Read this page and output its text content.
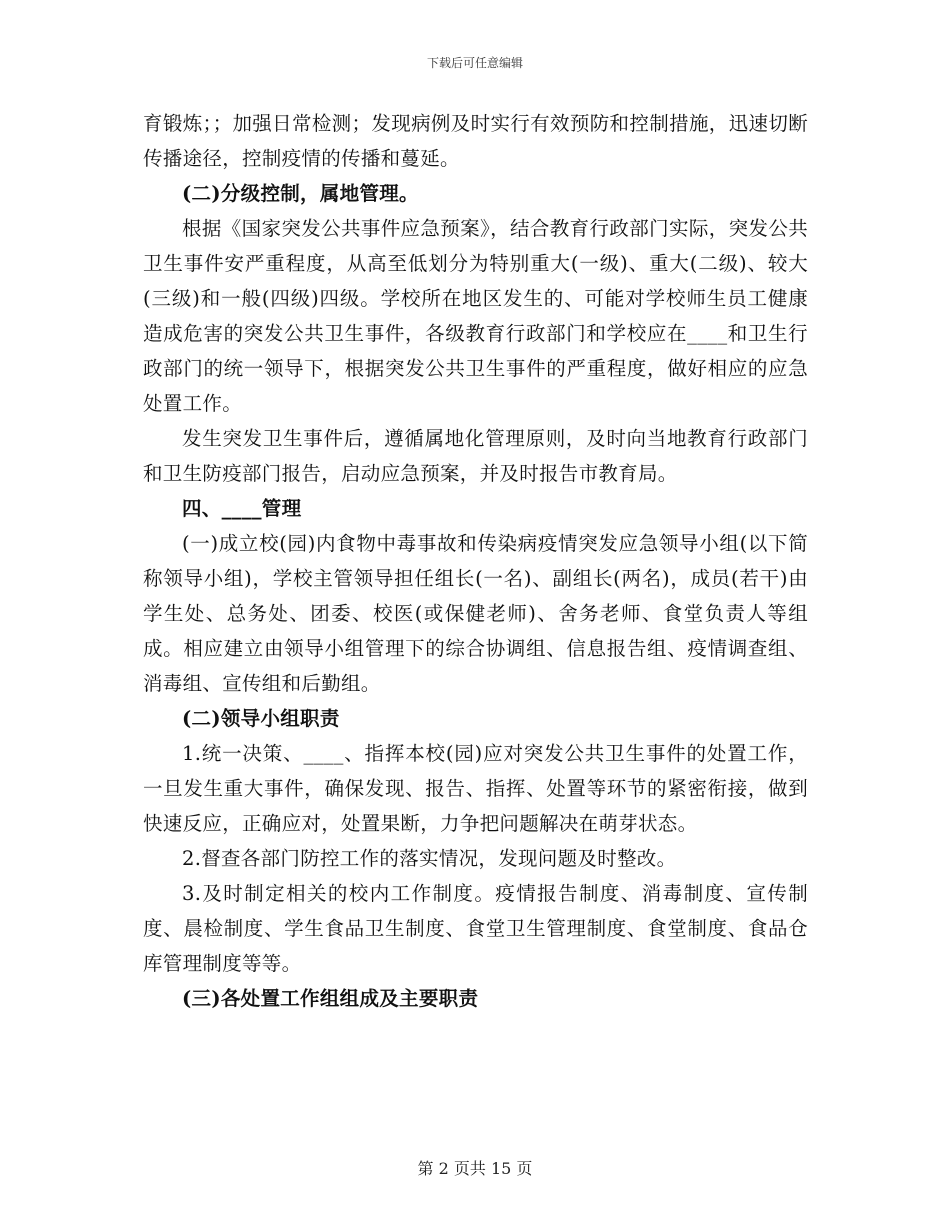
下载后可任意编辑

育锻炼；；加强日常检测；发现病例及时实行有效预防和控制措施，迅速切断传播途径，控制疫情的传播和蔓延。

(二)分级控制，属地管理。

根据《国家突发公共事件应急预案》，结合教育行政部门实际，突发公共卫生事件安严重程度，从高至低划分为特别重大(一级)、重大(二级)、较大(三级)和一般(四级)四级。学校所在地区发生的、可能对学校师生员工健康造成危害的突发公共卫生事件，各级教育行政部门和学校应在____和卫生行政部门的统一领导下，根据突发公共卫生事件的严重程度，做好相应的应急处置工作。

发生突发卫生事件后，遵循属地化管理原则，及时向当地教育行政部门和卫生防疫部门报告，启动应急预案，并及时报告市教育局。

四、____管理

(一)成立校(园)内食物中毒事故和传染病疫情突发应急领导小组(以下简称领导小组)，学校主管领导担任组长(一名)、副组长(两名)，成员(若干)由学生处、总务处、团委、校医(或保健老师)、舍务老师、食堂负责人等组成。相应建立由领导小组管理下的综合协调组、信息报告组、疫情调查组、消毒组、宣传组和后勤组。

(二)领导小组职责

1.统一决策、____、指挥本校(园)应对突发公共卫生事件的处置工作，一旦发生重大事件，确保发现、报告、指挥、处置等环节的紧密衔接，做到快速反应，正确应对，处置果断，力争把问题解决在萌芽状态。

2.督查各部门防控工作的落实情况，发现问题及时整改。

3.及时制定相关的校内工作制度。疫情报告制度、消毒制度、宣传制度、晨检制度、学生食品卫生制度、食堂卫生管理制度、食堂制度、食品仓库管理制度等等。

(三)各处置工作组组成及主要职责

第 2 页共 15 页
